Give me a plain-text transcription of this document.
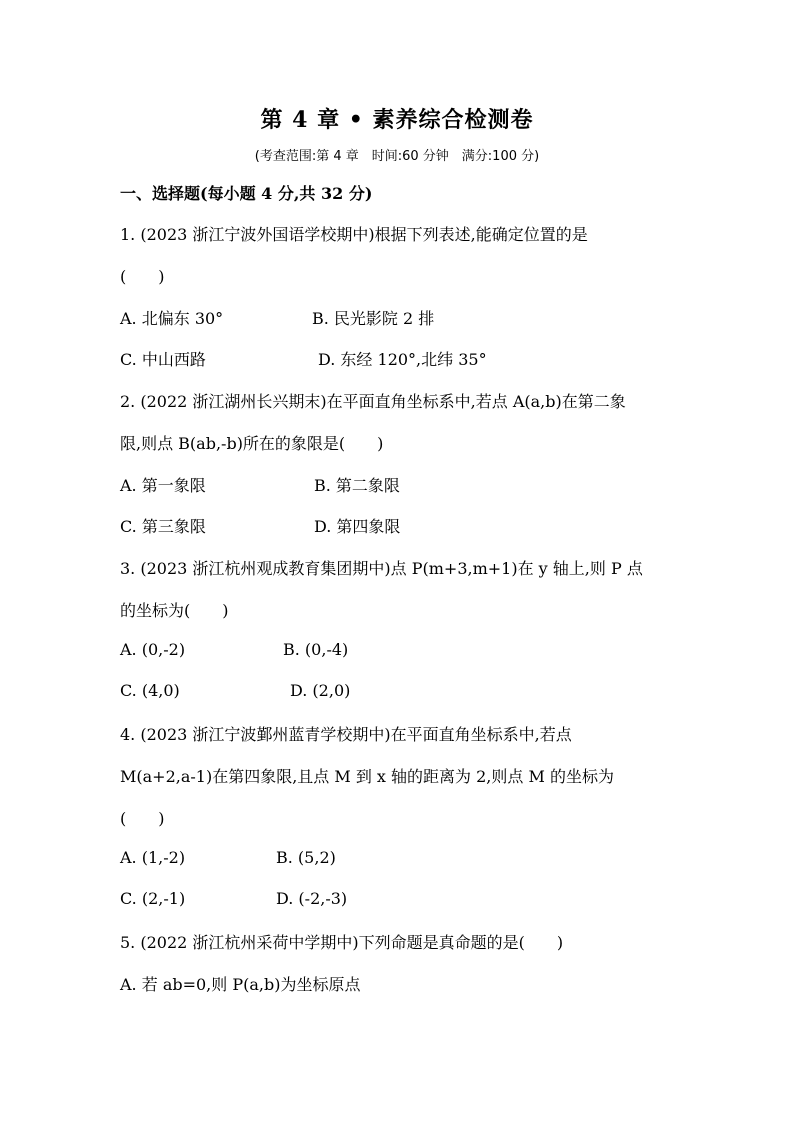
第 4 章 • 素养综合检测卷
(考查范围:第 4 章　时间:60 分钟　满分:100 分)
一、选择题(每小题 4 分,共 32 分)
1. (2023 浙江宁波外国语学校期中)根据下列表述,能确定位置的是
(　　)
A. 北偏东 30°	B. 民光影院 2 排
C. 中山西路	D. 东经 120°,北纬 35°
2. (2022 浙江湖州长兴期末)在平面直角坐标系中,若点 A(a,b)在第二象
限,则点 B(ab,-b)所在的象限是(　　)
A. 第一象限	B. 第二象限
C. 第三象限	D. 第四象限
3. (2023 浙江杭州观成教育集团期中)点 P(m+3,m+1)在 y 轴上,则 P 点
的坐标为(　　)
A. (0,-2)	B. (0,-4)
C. (4,0)	D. (2,0)
4. (2023 浙江宁波鄞州蓝青学校期中)在平面直角坐标系中,若点
M(a+2,a-1)在第四象限,且点 M 到 x 轴的距离为 2,则点 M 的坐标为
(　　)
A. (1,-2)	B. (5,2)
C. (2,-1)	D. (-2,-3)
5. (2022 浙江杭州采荷中学期中)下列命题是真命题的是(　　)
A. 若 ab=0,则 P(a,b)为坐标原点
